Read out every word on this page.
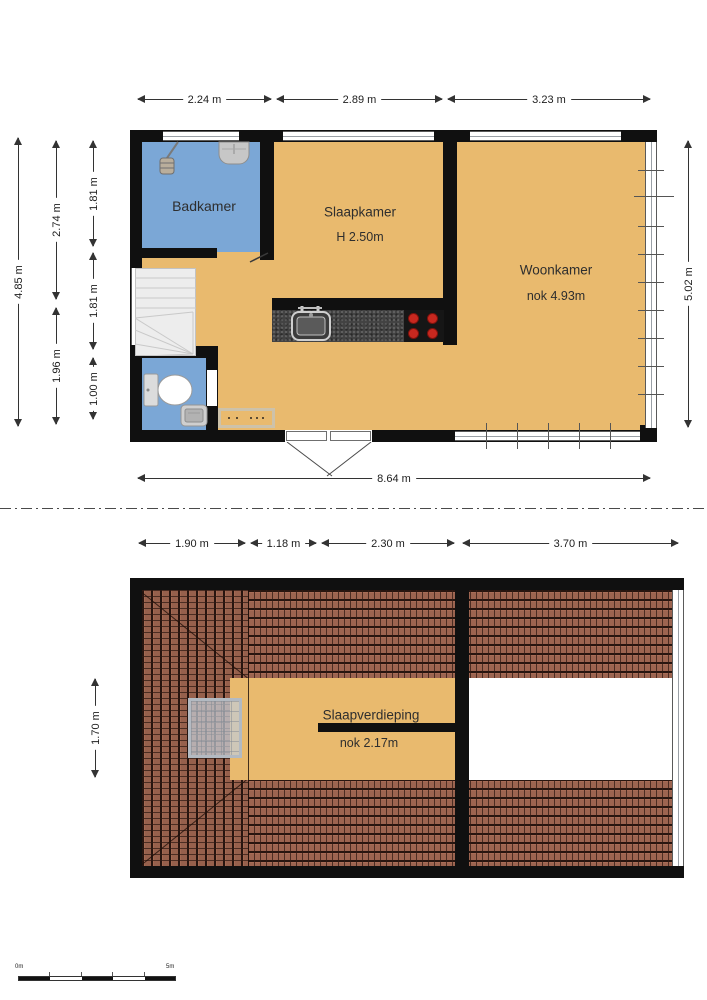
2.24 m	2.89 m	3.23 m
4.85 m
2.74 m
1.96 m
1.81 m
1.81 m
1.00 m
5.02 m
8.64 m
Badkamer	Slaapkamer
H 2.50m
Woonkamer
nok 4.93m
1.90 m	1.18 m	2.30 m	3.70 m
1.70 m	Slaapverdieping
nok 2.17m
0m	5m
